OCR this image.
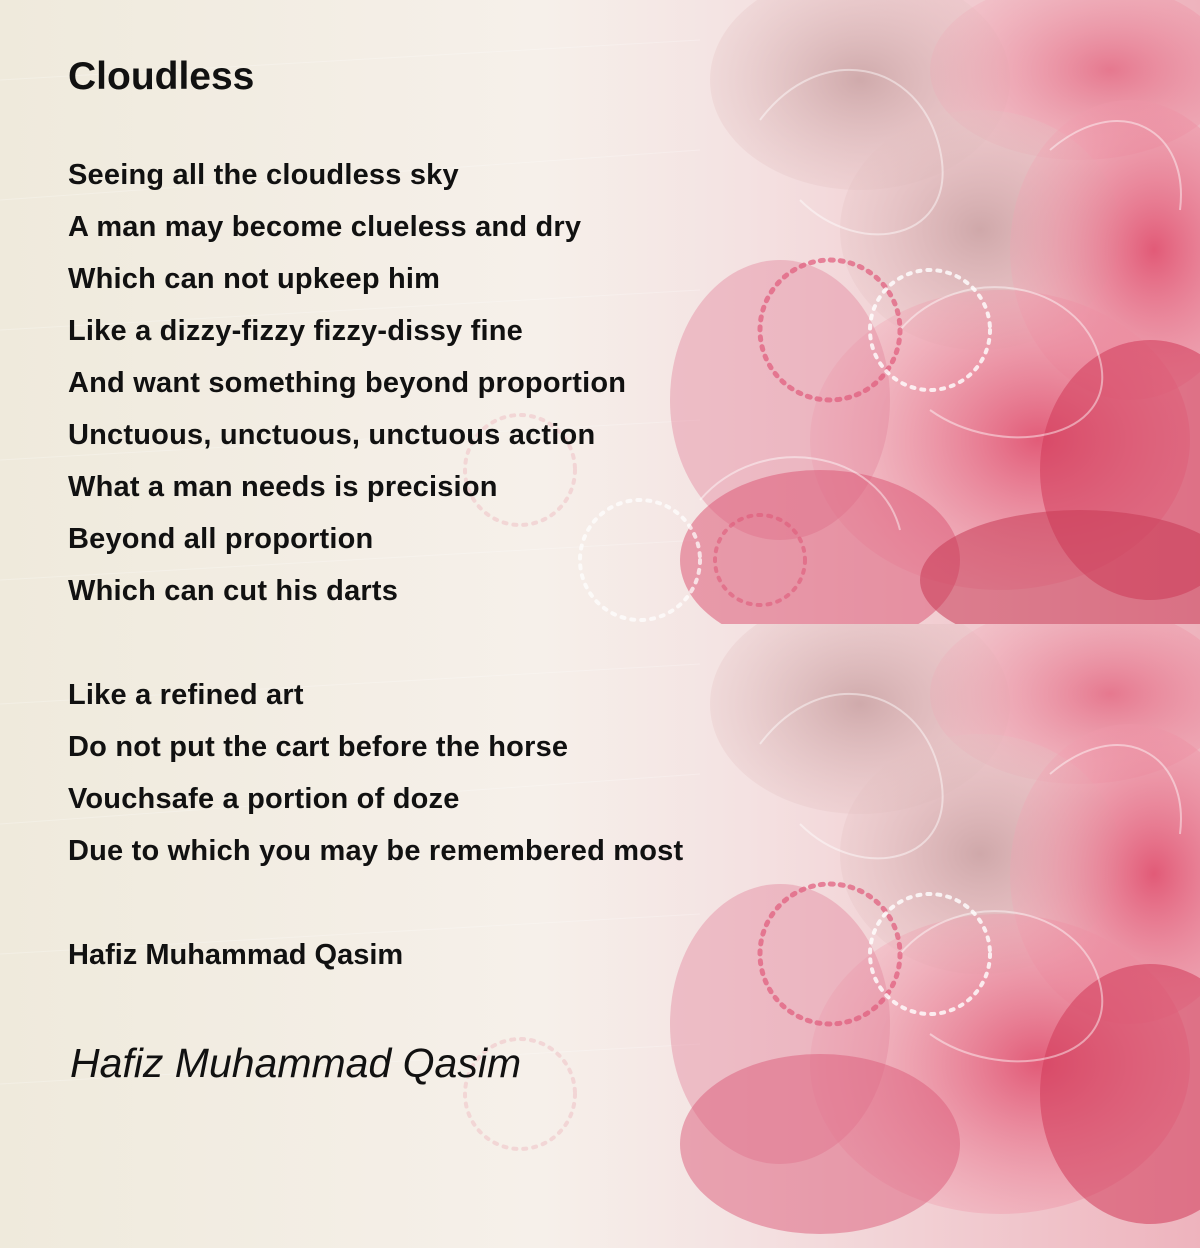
Cloudless
Seeing all the cloudless sky
A man may become clueless and dry
Which can not upkeep him
Like a dizzy-fizzy fizzy-dissy fine
And want something beyond proportion
Unctuous, unctuous, unctuous action
What a man needs is precision
Beyond all proportion
Which can cut his darts
Like a refined art
Do not put the cart before the horse
Vouchsafe a portion of doze
Due to which you may be remembered most
Hafiz Muhammad Qasim
Hafiz Muhammad Qasim
